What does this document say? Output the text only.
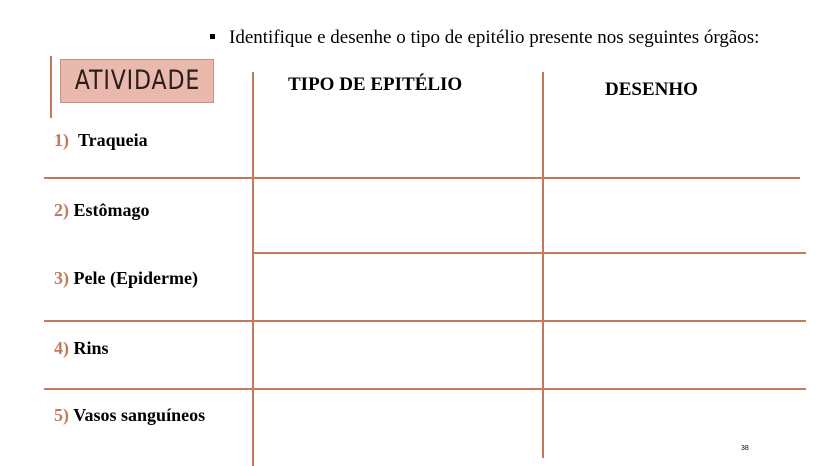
Identifique e desenhe o tipo de epitélio presente nos seguintes órgãos:
ATIVIDADE	TIPO DE EPITÉLIO	DESENHO
1) Traqueia
2) Estômago
3) Pele (Epiderme)
4) Rins
5) Vasos sanguíneos
38
